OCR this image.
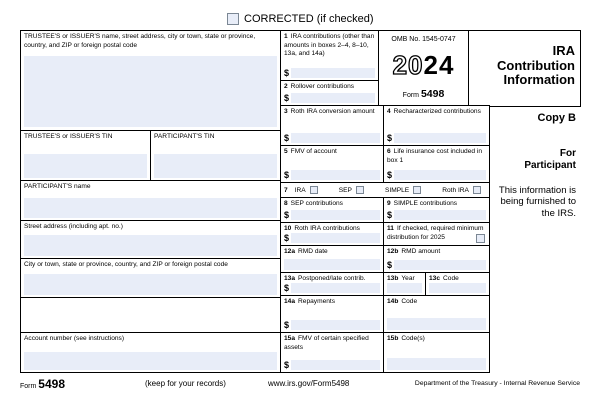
CORRECTED (if checked)
TRUSTEE'S or ISSUER'S name, street address, city or town, state or province, country, and ZIP or foreign postal code
TRUSTEE'S or ISSUER'S TIN	PARTICIPANT'S TIN
PARTICIPANT'S name
Street address (including apt. no.)
City or town, state or province, country, and ZIP or foreign postal code
Account number (see instructions)
1 IRA contributions (other than amounts in boxes 2–4, 8–10, 13a, and 14a)
$
2 Rollover contributions
$
OMB No. 1545-0747
2024
Form 5498
IRA Contribution Information
Copy B
For Participant
This information is being furnished to the IRS.
3 Roth IRA conversion amount
$
4 Recharacterized contributions
$
5 FMV of account
$
6 Life insurance cost included in box 1
$
7 IRA	SEP	SIMPLE	Roth IRA
8 SEP contributions
$
9 SIMPLE contributions
$
10 Roth IRA contributions
$
11 If checked, required minimum distribution for 2025
12a RMD date	12b RMD amount
$
13a Postponed/late contrib.
$
13b Year	13c Code
14a Repayments
$
14b Code
15a FMV of certain specified assets
$
15b Code(s)
Form 5498	(keep for your records)	www.irs.gov/Form5498	Department of the Treasury - Internal Revenue Service
